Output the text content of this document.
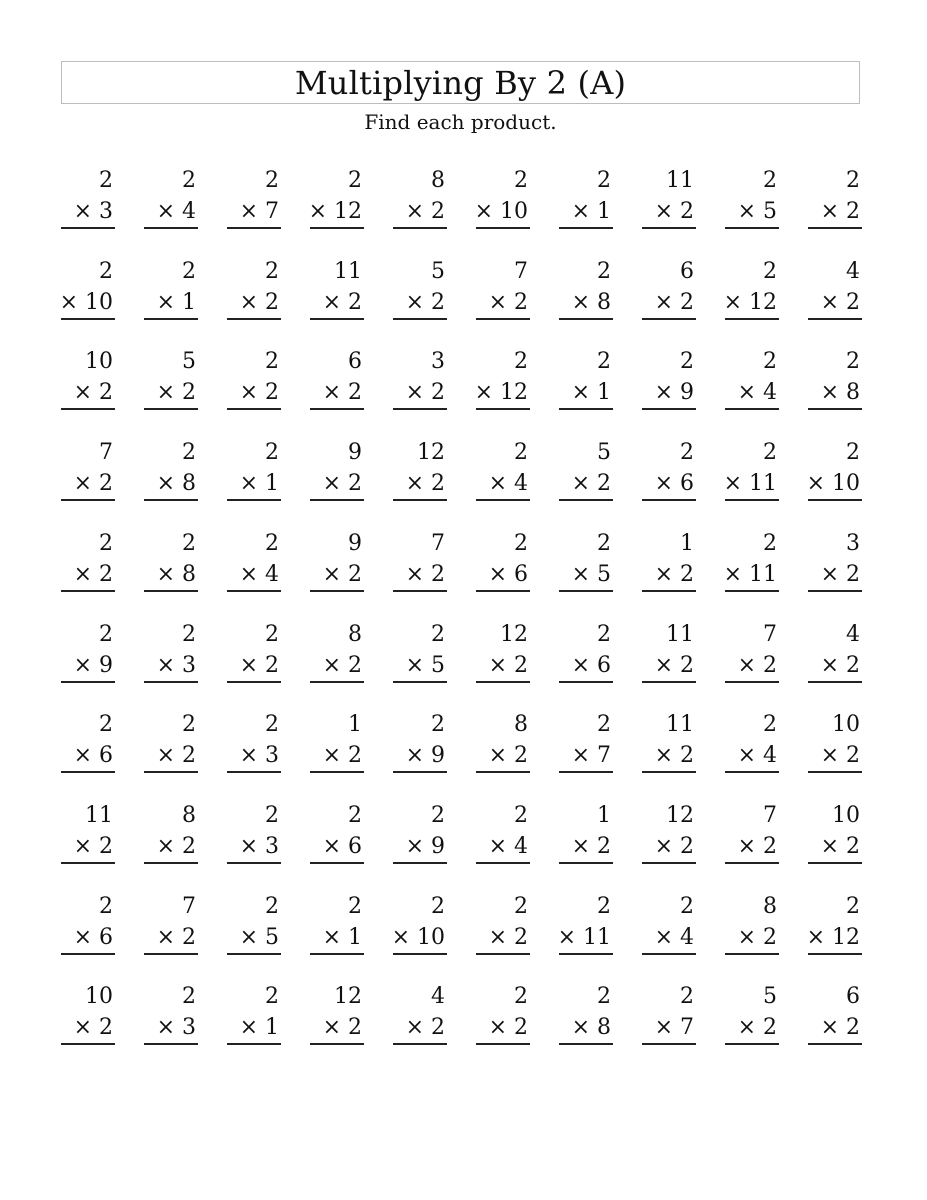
Multiplying By 2 (A)
Find each product.
2
× 3
2
× 4
2
× 7
2
× 12
8
× 2
2
× 10
2
× 1
11
× 2
2
× 5
2
× 2
2
× 10
2
× 1
2
× 2
11
× 2
5
× 2
7
× 2
2
× 8
6
× 2
2
× 12
4
× 2
10
× 2
5
× 2
2
× 2
6
× 2
3
× 2
2
× 12
2
× 1
2
× 9
2
× 4
2
× 8
7
× 2
2
× 8
2
× 1
9
× 2
12
× 2
2
× 4
5
× 2
2
× 6
2
× 11
2
× 10
2
× 2
2
× 8
2
× 4
9
× 2
7
× 2
2
× 6
2
× 5
1
× 2
2
× 11
3
× 2
2
× 9
2
× 3
2
× 2
8
× 2
2
× 5
12
× 2
2
× 6
11
× 2
7
× 2
4
× 2
2
× 6
2
× 2
2
× 3
1
× 2
2
× 9
8
× 2
2
× 7
11
× 2
2
× 4
10
× 2
11
× 2
8
× 2
2
× 3
2
× 6
2
× 9
2
× 4
1
× 2
12
× 2
7
× 2
10
× 2
2
× 6
7
× 2
2
× 5
2
× 1
2
× 10
2
× 2
2
× 11
2
× 4
8
× 2
2
× 12
10
× 2
2
× 3
2
× 1
12
× 2
4
× 2
2
× 2
2
× 8
2
× 7
5
× 2
6
× 2
